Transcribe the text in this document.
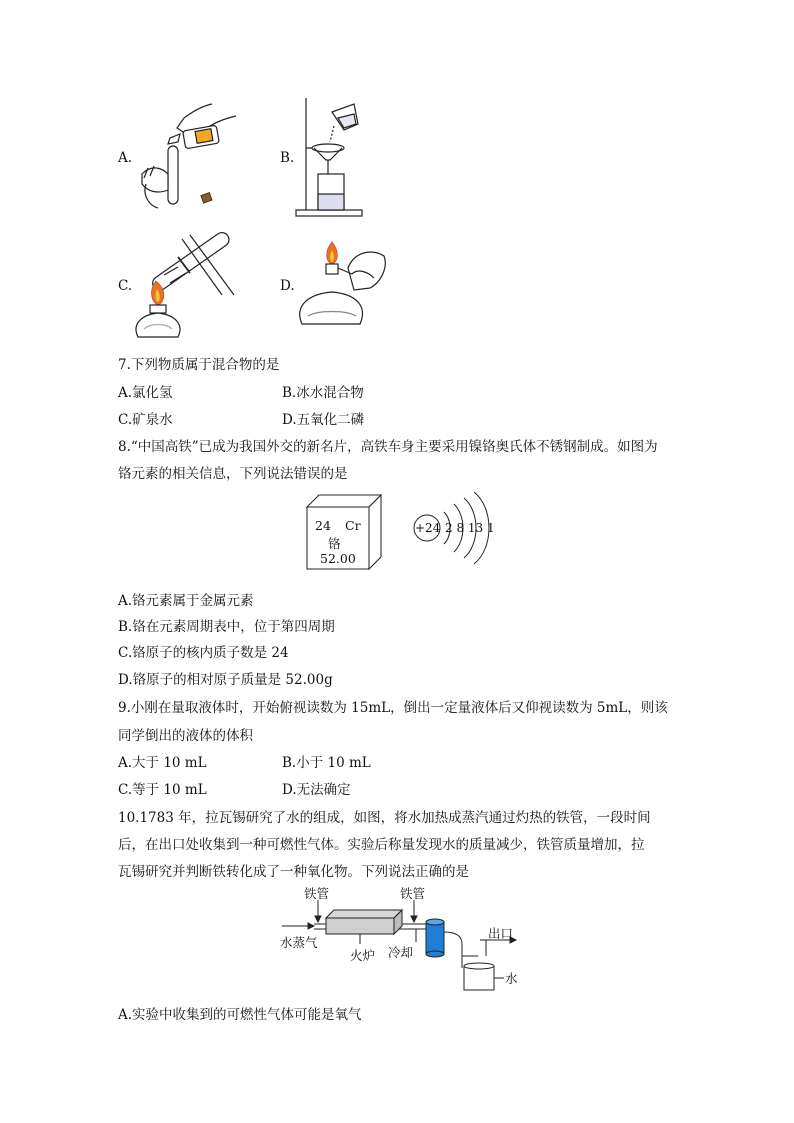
A.	B.
C.	D.
7.下列物质属于混合物的是
A.氯化氢	B.冰水混合物
C.矿泉水	D.五氧化二磷
8.“中国高铁”已成为我国外交的新名片，高铁车身主要采用镍铬奥氏体不锈钢制成。如图为
铬元素的相关信息，下列说法错误的是
24 Cr
铬
52.00
+24 2 8 13 1
A.铬元素属于金属元素
B.铬在元素周期表中，位于第四周期
C.铬原子的核内质子数是 24
D.铬原子的相对原子质量是 52.00g
9.小刚在量取液体时，开始俯视读数为 15mL，倒出一定量液体后又仰视读数为 5mL，则该
同学倒出的液体的体积
A.大于 10 mL	B.小于 10 mL
C.等于 10 mL	D.无法确定
10.1783 年，拉瓦锡研究了水的组成，如图，将水加热成蒸汽通过灼热的铁管，一段时间
后，在出口处收集到一种可燃性气体。实验后称量发现水的质量减少，铁管质量增加，拉
瓦锡研究并判断铁转化成了一种氧化物。下列说法正确的是
铁管	铁管
水蒸气
火炉 冷却
出口
水
A.实验中收集到的可燃性气体可能是氧气
